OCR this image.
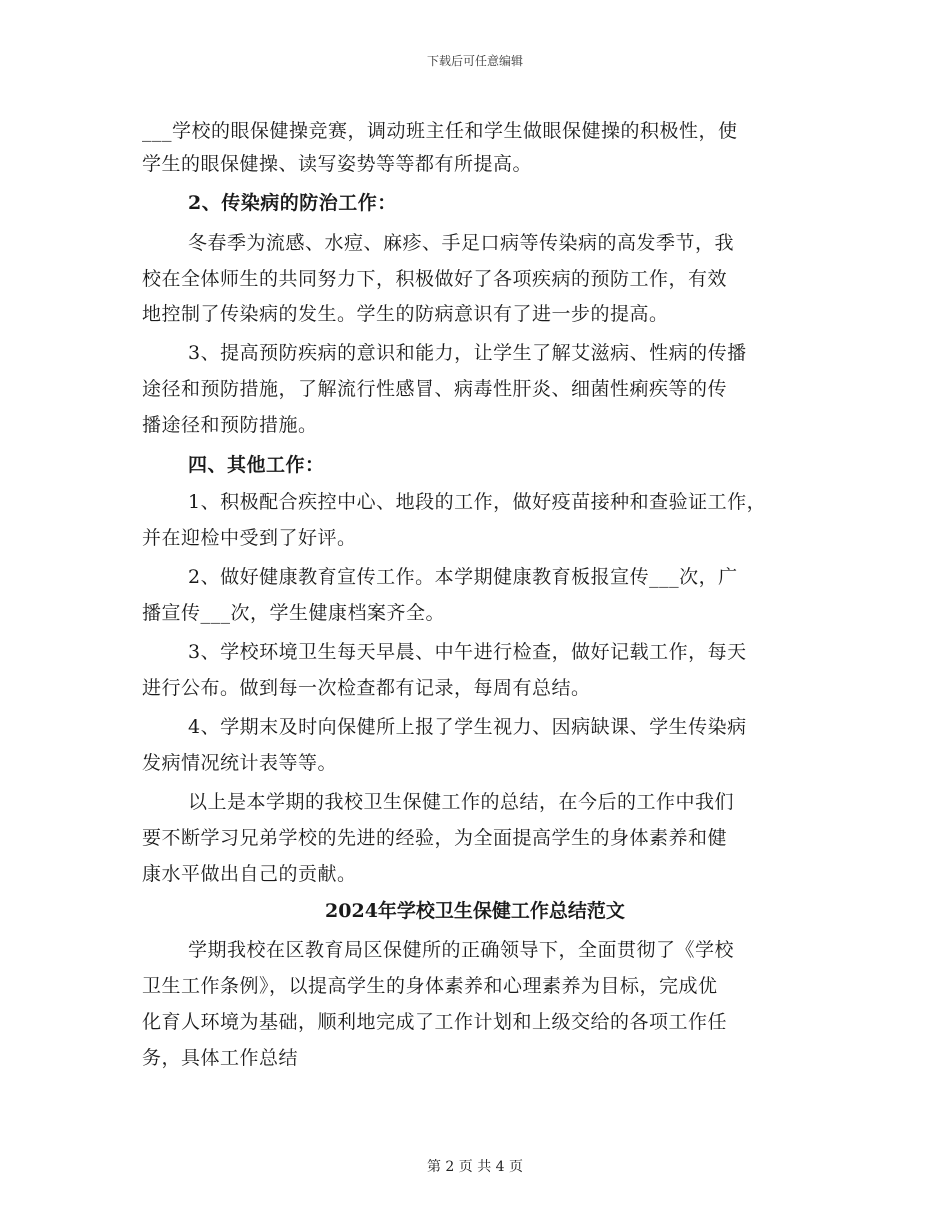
下载后可任意编辑
___学校的眼保健操竞赛，调动班主任和学生做眼保健操的积极性，使
学生的眼保健操、读写姿势等等都有所提高。
2、传染病的防治工作：
冬春季为流感、水痘、麻疹、手足口病等传染病的高发季节，我
校在全体师生的共同努力下，积极做好了各项疾病的预防工作，有效
地控制了传染病的发生。学生的防病意识有了进一步的提高。
3、提高预防疾病的意识和能力，让学生了解艾滋病、性病的传播
途径和预防措施，了解流行性感冒、病毒性肝炎、细菌性痢疾等的传
播途径和预防措施。
四、其他工作：
1、积极配合疾控中心、地段的工作，做好疫苗接种和查验证工作，
并在迎检中受到了好评。
2、做好健康教育宣传工作。本学期健康教育板报宣传___次，广
播宣传___次，学生健康档案齐全。
3、学校环境卫生每天早晨、中午进行检查，做好记载工作，每天
进行公布。做到每一次检查都有记录，每周有总结。
4、学期末及时向保健所上报了学生视力、因病缺课、学生传染病
发病情况统计表等等。
以上是本学期的我校卫生保健工作的总结，在今后的工作中我们
要不断学习兄弟学校的先进的经验，为全面提高学生的身体素养和健
康水平做出自己的贡献。
2024年学校卫生保健工作总结范文
学期我校在区教育局区保健所的正确领导下，全面贯彻了《学校
卫生工作条例》，以提高学生的身体素养和心理素养为目标，完成优
化育人环境为基础，顺利地完成了工作计划和上级交给的各项工作任
务，具体工作总结
第 2 页 共 4 页
